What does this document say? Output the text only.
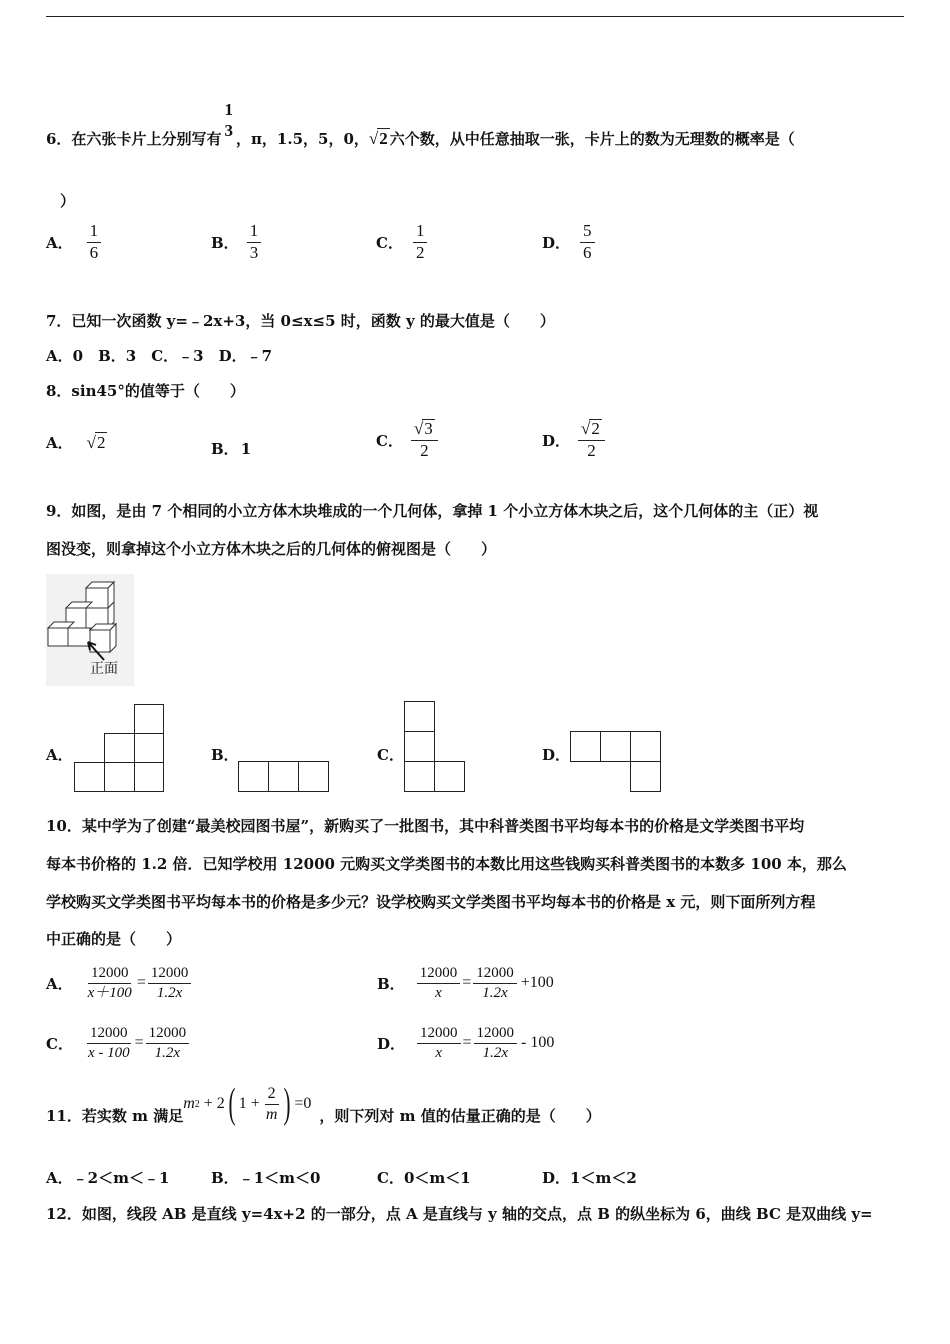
6．在六张卡片上分别写有
1
3 ，π，1.5，5，0， √2 六个数，从中任意抽取一张，卡片上的数为无理数的概率是（
）
A． $\frac{1}{6}$	B． $\frac{1}{3}$	C． $\frac{1}{2}$	D． $\frac{5}{6}$
7．已知一次函数 y=﹣2x+3，当 0≤x≤5 时，函数 y 的最大值是（　　）
A．0　B．3　C．﹣3　D．﹣7
8．sin45°的值等于（　　）
A． √2	B． 1	C． $\frac{√3}{2}$	D． $\frac{√2}{2}$
9．如图，是由 7 个相同的小立方体木块堆成的一个几何体，拿掉 1 个小立方体木块之后，这个几何体的主（正）视
图没变，则拿掉这个小立方体木块之后的几何体的俯视图是（　　）
正面
A．	B．	C．	D．
10．某中学为了创建“最美校园图书屋”，新购买了一批图书，其中科普类图书平均每本书的价格是文学类图书平均
每本书价格的 1.2 倍．已知学校用 12000 元购买文学类图书的本数比用这些钱购买科普类图书的本数多 100 本，那么
学校购买文学类图书平均每本书的价格是多少元？设学校购买文学类图书平均每本书的价格是 x 元，则下面所列方程
中正确的是（　　）
A． $\frac{12000}{x+100} = \frac{12000}{1.2x}$	B． $\frac{12000}{x} = \frac{12000}{1.2x} +100$
C． $\frac{12000}{x - 100} = \frac{12000}{1.2x}$	D． $\frac{12000}{x} = \frac{12000}{1.2x} - 100$
11．若实数 m 满足
m 2 + 2 ( $1 + \frac{2}{m}$ ) =0
，则下列对 m 值的估量正确的是（　　）
A．﹣2＜m＜﹣1	B．﹣1＜m＜0	C．0＜m＜1	D．1＜m＜2
12．如图，线段 AB 是直线 y=4x+2 的一部分，点 A 是直线与 y 轴的交点，点 B 的纵坐标为 6，曲线 BC 是双曲线 y=
